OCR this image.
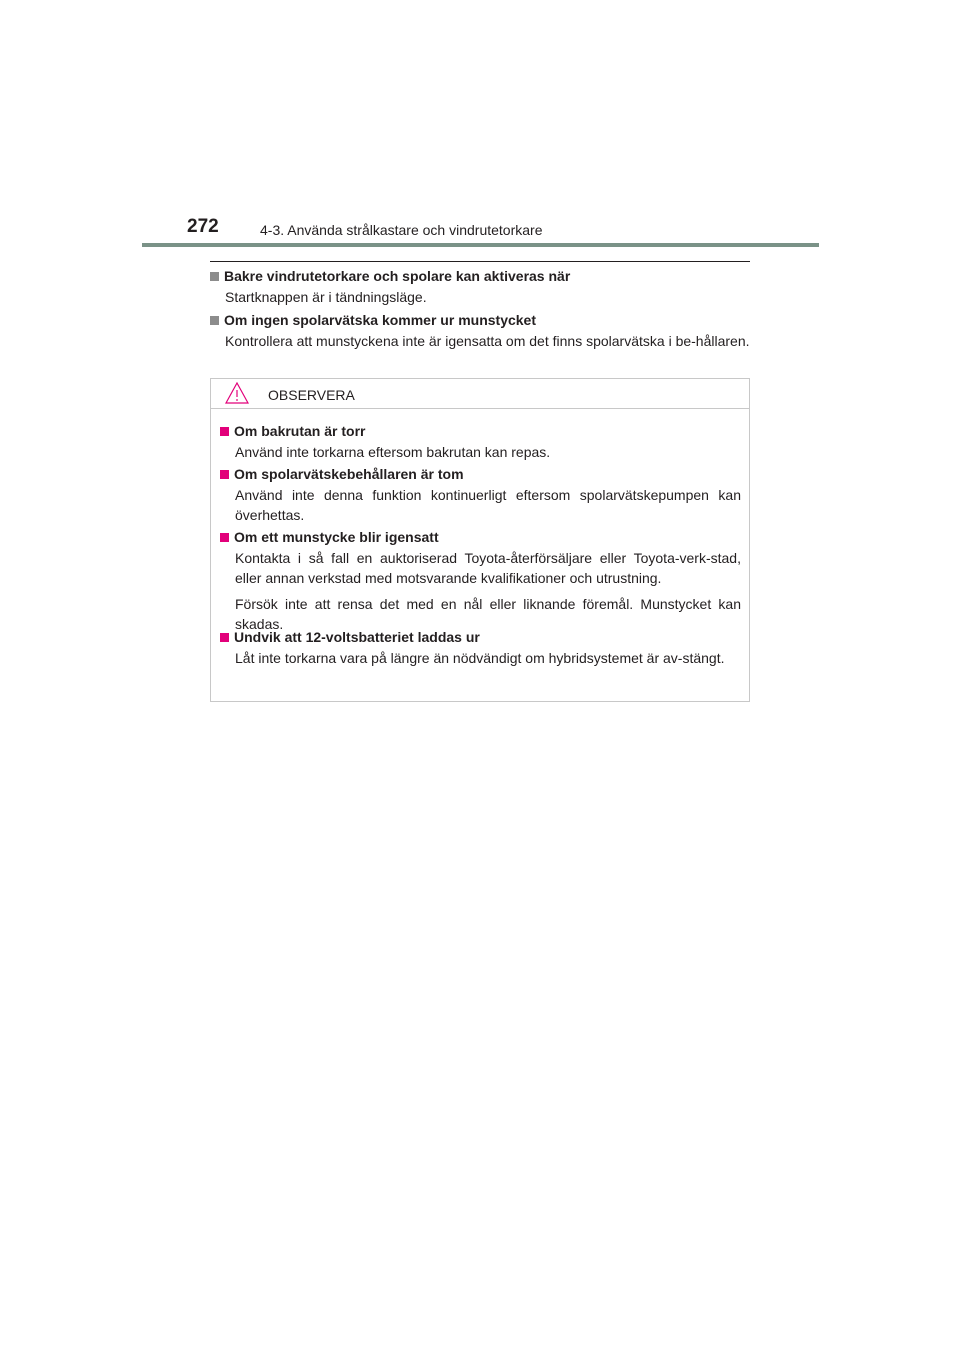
272	4-3. Använda strålkastare och vindrutetorkare
Bakre vindrutetorkare och spolare kan aktiveras när
Startknappen är i tändningsläge.
Om ingen spolarvätska kommer ur munstycket
Kontrollera att munstyckena inte är igensatta om det finns spolarvätska i be-hållaren.
OBSERVERA
Om bakrutan är torr
Använd inte torkarna eftersom bakrutan kan repas.
Om spolarvätskebehållaren är tom
Använd inte denna funktion kontinuerligt eftersom spolarvätskepumpen kan överhettas.
Om ett munstycke blir igensatt
Kontakta i så fall en auktoriserad Toyota-återförsäljare eller Toyota-verk-stad, eller annan verkstad med motsvarande kvalifikationer och utrustning.
Försök inte att rensa det med en nål eller liknande föremål. Munstycket kan skadas.
Undvik att 12-voltsbatteriet laddas ur
Låt inte torkarna vara på längre än nödvändigt om hybridsystemet är av-stängt.
